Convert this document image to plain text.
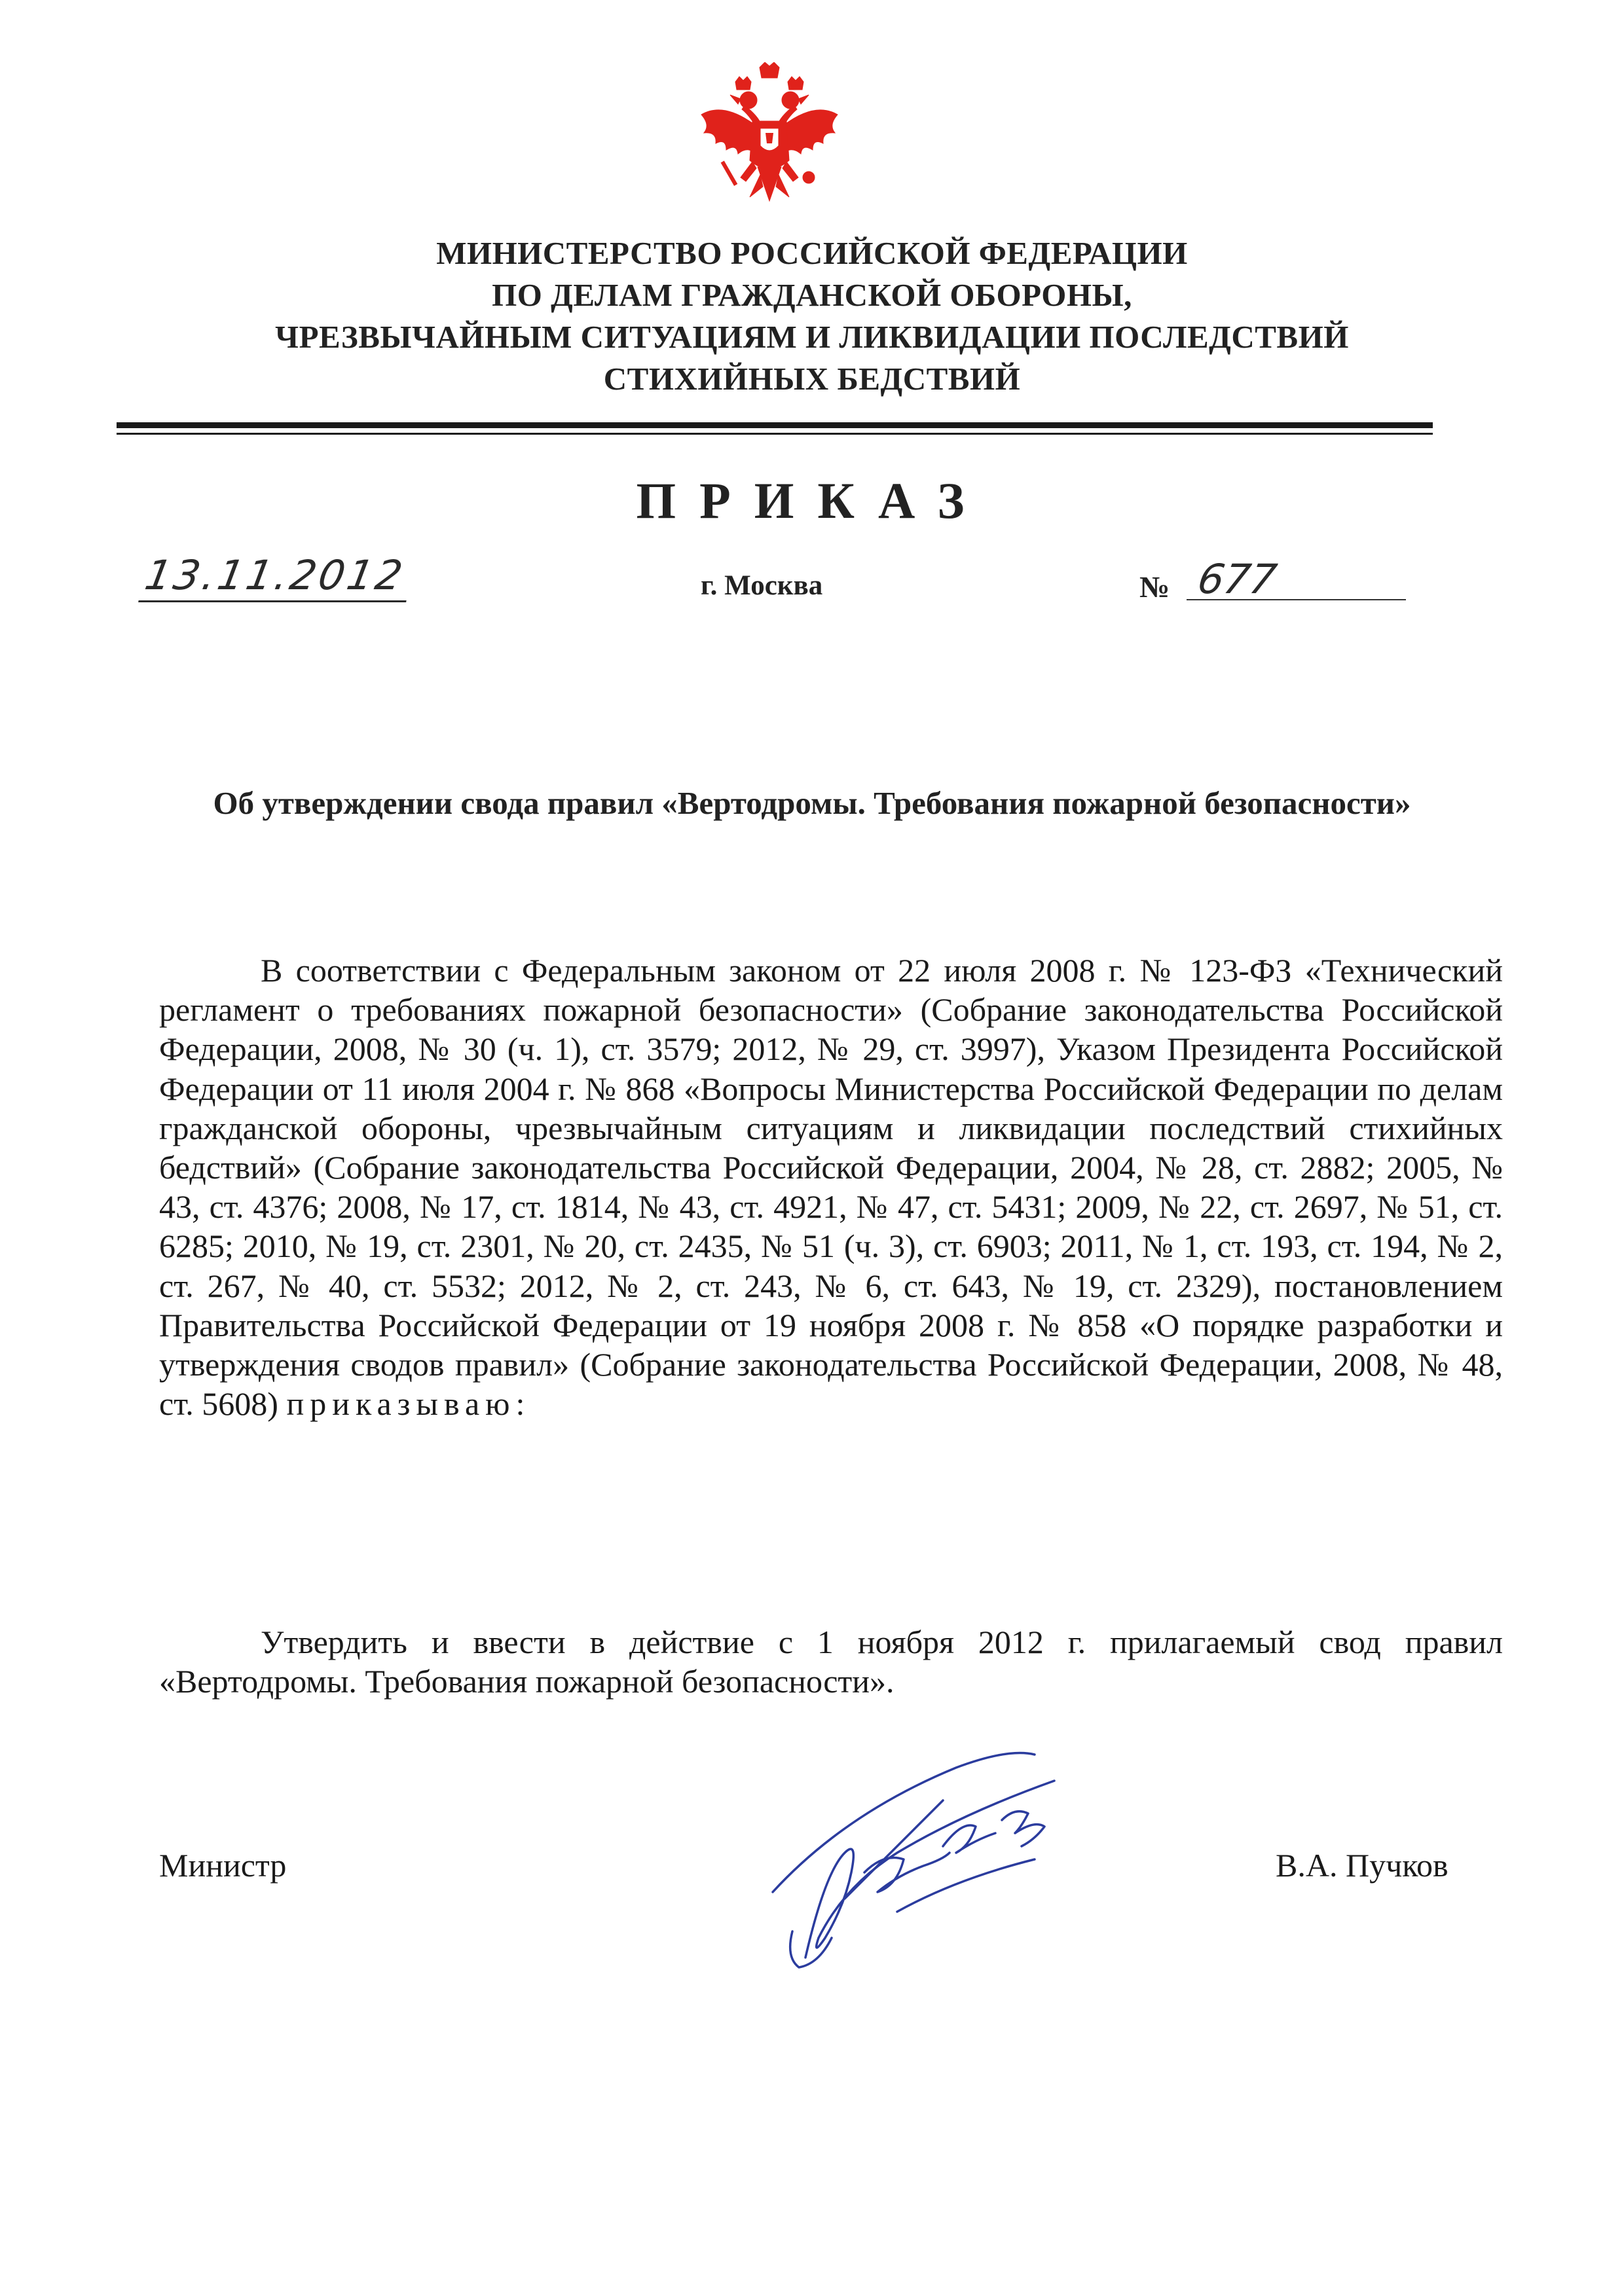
МИНИСТЕРСТВО РОССИЙСКОЙ ФЕДЕРАЦИИ
ПО ДЕЛАМ ГРАЖДАНСКОЙ ОБОРОНЫ,
ЧРЕЗВЫЧАЙНЫМ СИТУАЦИЯМ И ЛИКВИДАЦИИ ПОСЛЕДСТВИЙ
СТИХИЙНЫХ БЕДСТВИЙ
ПРИКАЗ
13.11.2012	г. Москва	№ 677
Об утверждении свода правил «Вертодромы. Требования пожарной безопасности»
В соответствии с Федеральным законом от 22 июля 2008 г. № 123-ФЗ «Технический регламент о требованиях пожарной безопасности» (Собрание законодательства Российской Федерации, 2008, № 30 (ч. 1), ст. 3579; 2012, № 29, ст. 3997), Указом Президента Российской Федерации от 11 июля 2004 г. № 868 «Вопросы Министерства Российской Федерации по делам гражданской обороны, чрезвычайным ситуациям и ликвидации последствий стихийных бедствий» (Собрание законодательства Российской Федерации, 2004, № 28, ст. 2882; 2005, № 43, ст. 4376; 2008, № 17, ст. 1814, № 43, ст. 4921, № 47, ст. 5431; 2009, № 22, ст. 2697, № 51, ст. 6285; 2010, № 19, ст. 2301, № 20, ст. 2435, № 51 (ч. 3), ст. 6903; 2011, № 1, ст. 193, ст. 194, № 2, ст. 267, № 40, ст. 5532; 2012, № 2, ст. 243, № 6, ст. 643, № 19, ст. 2329), постановлением Правительства Российской Федерации от 19 ноября 2008 г. № 858 «О порядке разработки и утверждения сводов правил» (Собрание законодательства Российской Федерации, 2008, № 48, ст. 5608) приказываю:
Утвердить и ввести в действие с 1 ноября 2012 г. прилагаемый свод правил «Вертодромы. Требования пожарной безопасности».
Министр	В.А. Пучков
